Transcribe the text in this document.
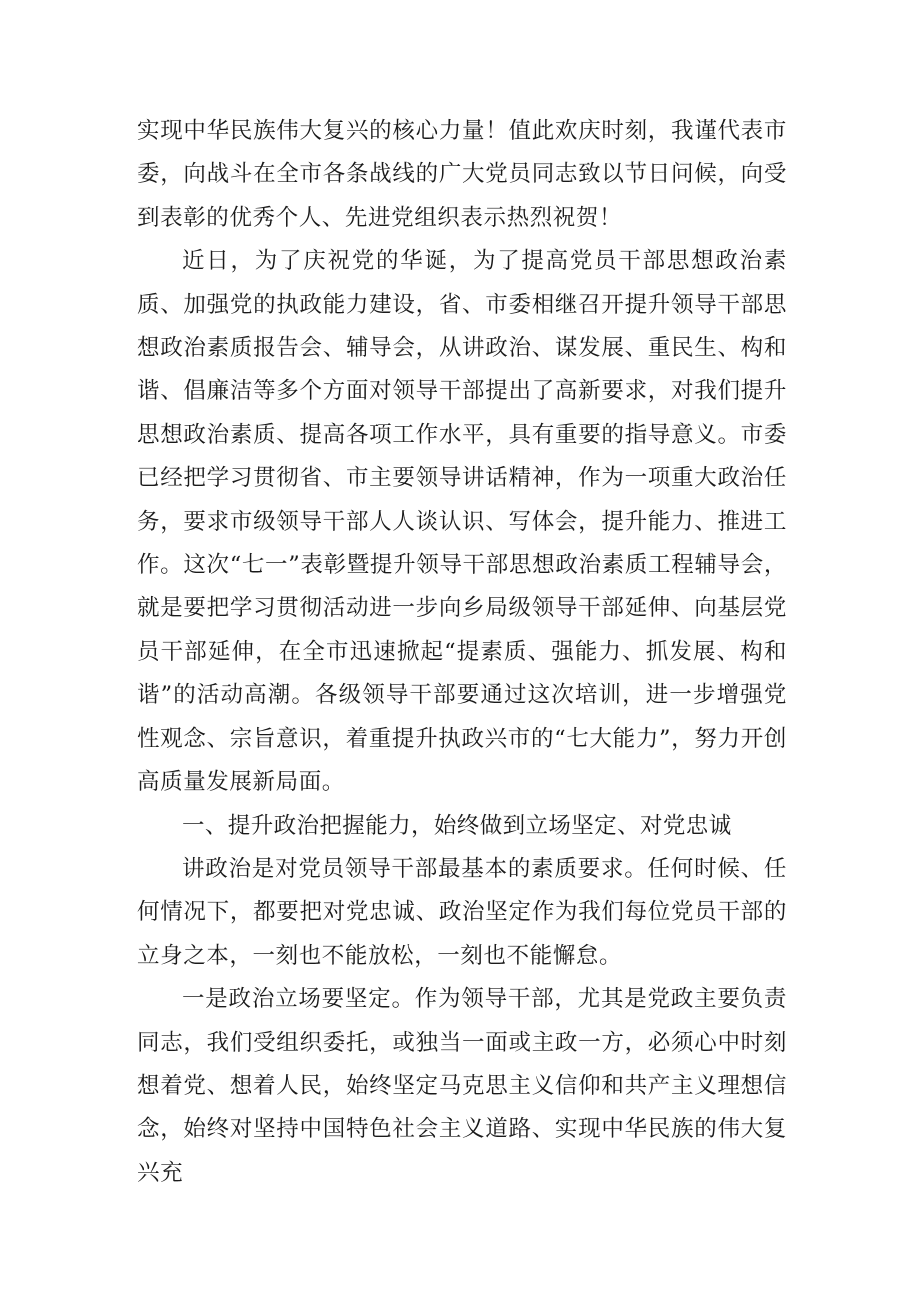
实现中华民族伟大复兴的核心力量！值此欢庆时刻，我谨代表市委，向战斗在全市各条战线的广大党员同志致以节日问候，向受到表彰的优秀个人、先进党组织表示热烈祝贺！

近日，为了庆祝党的华诞，为了提高党员干部思想政治素质、加强党的执政能力建设，省、市委相继召开提升领导干部思想政治素质报告会、辅导会，从讲政治、谋发展、重民生、构和谐、倡廉洁等多个方面对领导干部提出了高新要求，对我们提升思想政治素质、提高各项工作水平，具有重要的指导意义。市委已经把学习贯彻省、市主要领导讲话精神，作为一项重大政治任务，要求市级领导干部人人谈认识、写体会，提升能力、推进工作。这次“七一”表彰暨提升领导干部思想政治素质工程辅导会，就是要把学习贯彻活动进一步向乡局级领导干部延伸、向基层党员干部延伸，在全市迅速掀起“提素质、强能力、抓发展、构和谐”的活动高潮。各级领导干部要通过这次培训，进一步增强党性观念、宗旨意识，着重提升执政兴市的“七大能力”，努力开创高质量发展新局面。

一、提升政治把握能力，始终做到立场坚定、对党忠诚

讲政治是对党员领导干部最基本的素质要求。任何时候、任何情况下，都要把对党忠诚、政治坚定作为我们每位党员干部的立身之本，一刻也不能放松，一刻也不能懈怠。

一是政治立场要坚定。作为领导干部，尤其是党政主要负责同志，我们受组织委托，或独当一面或主政一方，必须心中时刻想着党、想着人民，始终坚定马克思主义信仰和共产主义理想信念，始终对坚持中国特色社会主义道路、实现中华民族的伟大复兴充
